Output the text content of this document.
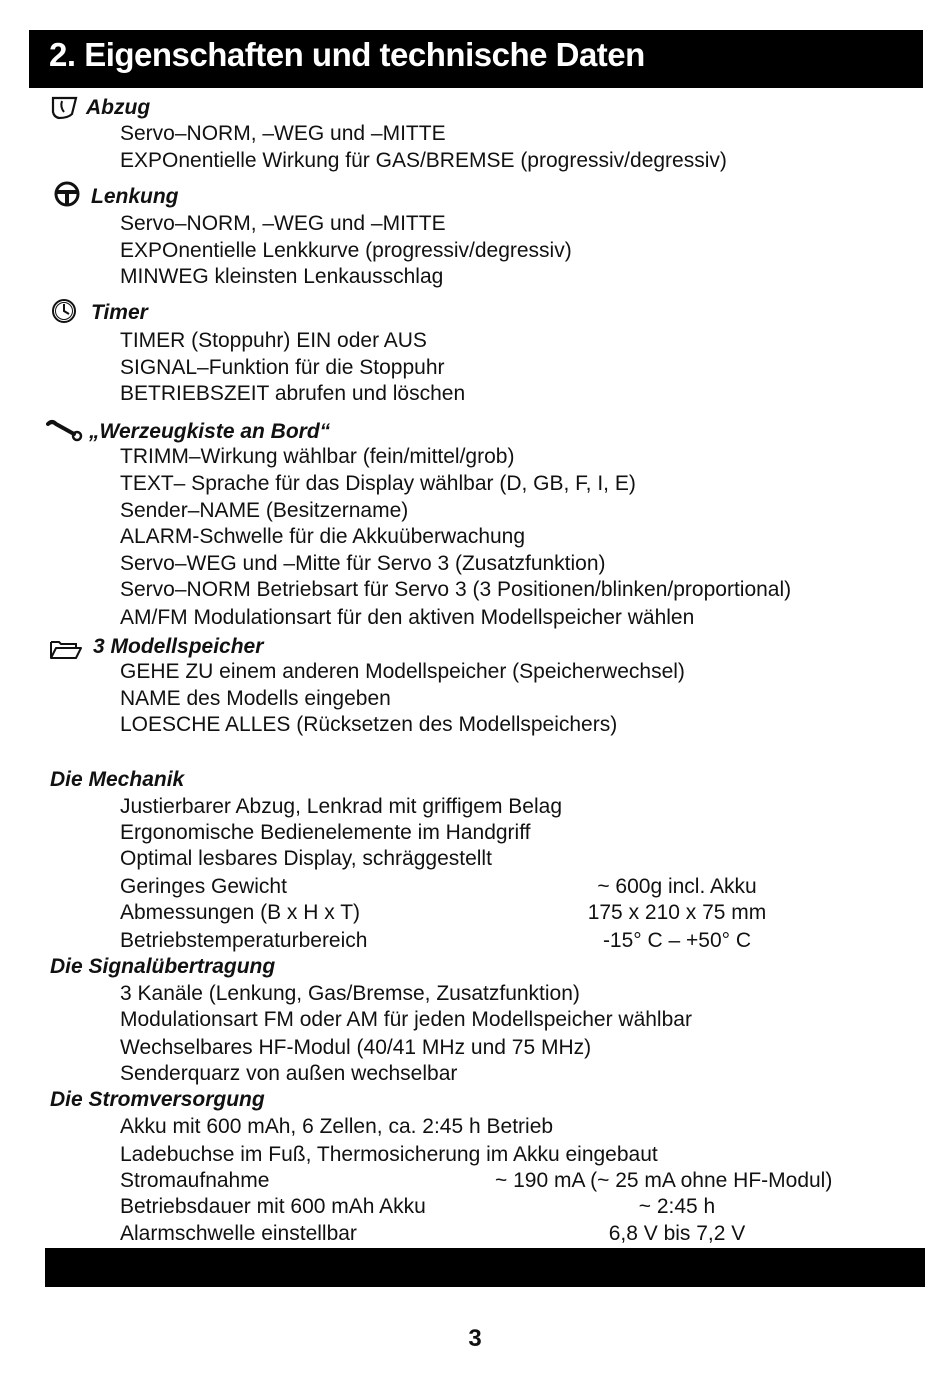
2. Eigenschaften und technische Daten
Abzug
Servo–NORM, –WEG und –MITTE
EXPOnentielle Wirkung für GAS/BREMSE (progressiv/degressiv)
Lenkung
Servo–NORM, –WEG und –MITTE
EXPOnentielle Lenkkurve (progressiv/degressiv)
MINWEG kleinsten Lenkausschlag
Timer
TIMER (Stoppuhr) EIN oder AUS
SIGNAL–Funktion für die Stoppuhr
BETRIEBSZEIT abrufen und löschen
„Werzeugkiste an Bord“
TRIMM–Wirkung wählbar (fein/mittel/grob)
TEXT– Sprache für das Display wählbar (D, GB, F, I, E)
Sender–NAME (Besitzername)
ALARM-Schwelle für die Akkuüberwachung
Servo–WEG und –Mitte für Servo 3 (Zusatzfunktion)
Servo–NORM Betriebsart für Servo 3 (3 Positionen/blinken/proportional)
AM/FM Modulationsart für den aktiven Modellspeicher wählen
3 Modellspeicher
GEHE ZU einem anderen Modellspeicher (Speicherwechsel)
NAME des Modells eingeben
LOESCHE ALLES (Rücksetzen des Modellspeichers)
Die Mechanik
Justierbarer Abzug, Lenkrad mit griffigem Belag
Ergonomische Bedienelemente im Handgriff
Optimal lesbares Display, schräggestellt
Geringes Gewicht	~ 600g incl. Akku
Abmessungen (B x H x T)	175 x 210 x 75 mm
Betriebstemperaturbereich	-15° C – +50° C
Die Signalübertragung
3 Kanäle (Lenkung, Gas/Bremse, Zusatzfunktion)
Modulationsart FM oder AM für jeden Modellspeicher wählbar
Wechselbares HF-Modul (40/41 MHz und 75 MHz)
Senderquarz von außen wechselbar
Die Stromversorgung
Akku mit 600 mAh, 6 Zellen, ca. 2:45 h Betrieb
Ladebuchse im Fuß, Thermosicherung im Akku eingebaut
Stromaufnahme	~ 190 mA (~ 25 mA ohne HF-Modul)
Betriebsdauer mit 600 mAh Akku	~ 2:45 h
Alarmschwelle einstellbar	6,8 V bis 7,2 V
3
